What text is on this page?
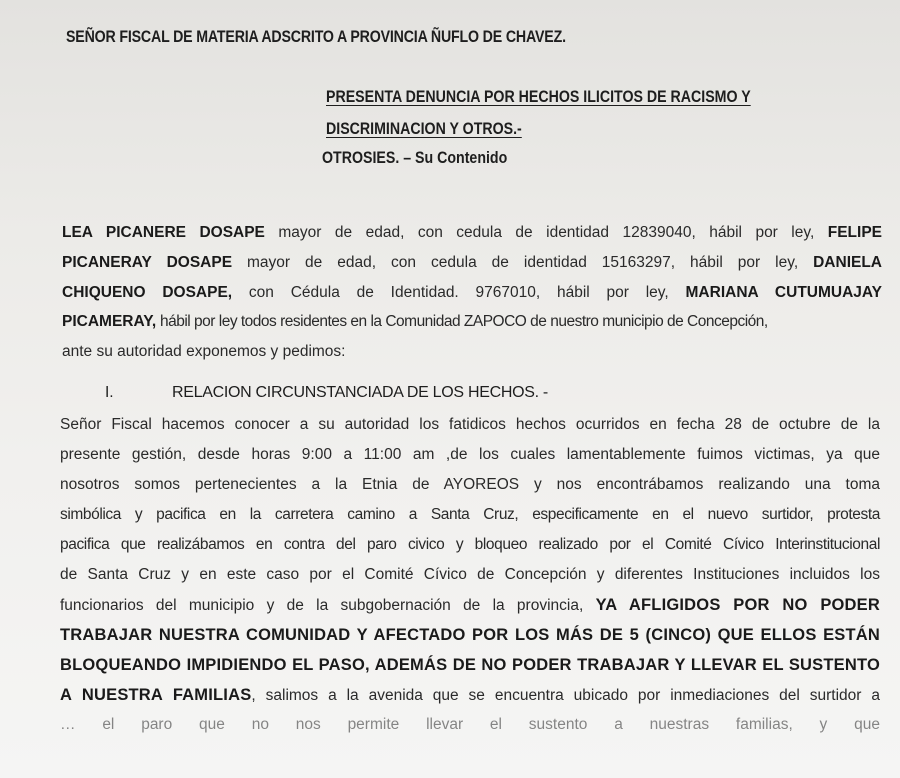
SEÑOR FISCAL DE MATERIA ADSCRITO A PROVINCIA ÑUFLO DE CHAVEZ.
PRESENTA DENUNCIA POR HECHOS ILICITOS DE RACISMO Y
DISCRIMINACION Y OTROS.-
OTROSIES. – Su Contenido
LEA PICANERE DOSAPE mayor de edad, con cedula de identidad 12839040, hábil por ley, FELIPE
PICANERAY DOSAPE mayor de edad, con cedula de identidad 15163297, hábil por ley, DANIELA
CHIQUENO DOSAPE, con Cédula de Identidad. 9767010, hábil por ley, MARIANA CUTUMUAJAY
PICAMERAY, hábil por ley todos residentes en la Comunidad ZAPOCO de nuestro municipio de Concepción,
ante su autoridad exponemos y pedimos:
I.	RELACION CIRCUNSTANCIADA DE LOS HECHOS. -
Señor Fiscal hacemos conocer a su autoridad los fatidicos hechos ocurridos en fecha 28 de octubre de la
presente gestión, desde horas 9:00 a 11:00 am ,de los cuales lamentablemente fuimos victimas, ya que
nosotros somos pertenecientes a la Etnia de AYOREOS y nos encontrábamos realizando una toma
simbólica y pacifica en la carretera camino a Santa Cruz, especificamente en el nuevo surtidor, protesta
pacifica que realizábamos en contra del paro civico y bloqueo realizado por el Comité Cívico Interinstitucional
de Santa Cruz y en este caso por el Comité Cívico de Concepción y diferentes Instituciones incluidos los
funcionarios del municipio y de la subgobernación de la provincia, YA AFLIGIDOS POR NO PODER
TRABAJAR NUESTRA COMUNIDAD Y AFECTADO POR LOS MÁS DE 5 (CINCO) QUE ELLOS ESTÁN
BLOQUEANDO IMPIDIENDO EL PASO, ADEMÁS DE NO PODER TRABAJAR Y LLEVAR EL SUSTENTO
A NUESTRA FAMILIAS, salimos a la avenida que se encuentra ubicado por inmediaciones del surtidor a
… el paro que no nos permite llevar el sustento a nuestras familias, y que
